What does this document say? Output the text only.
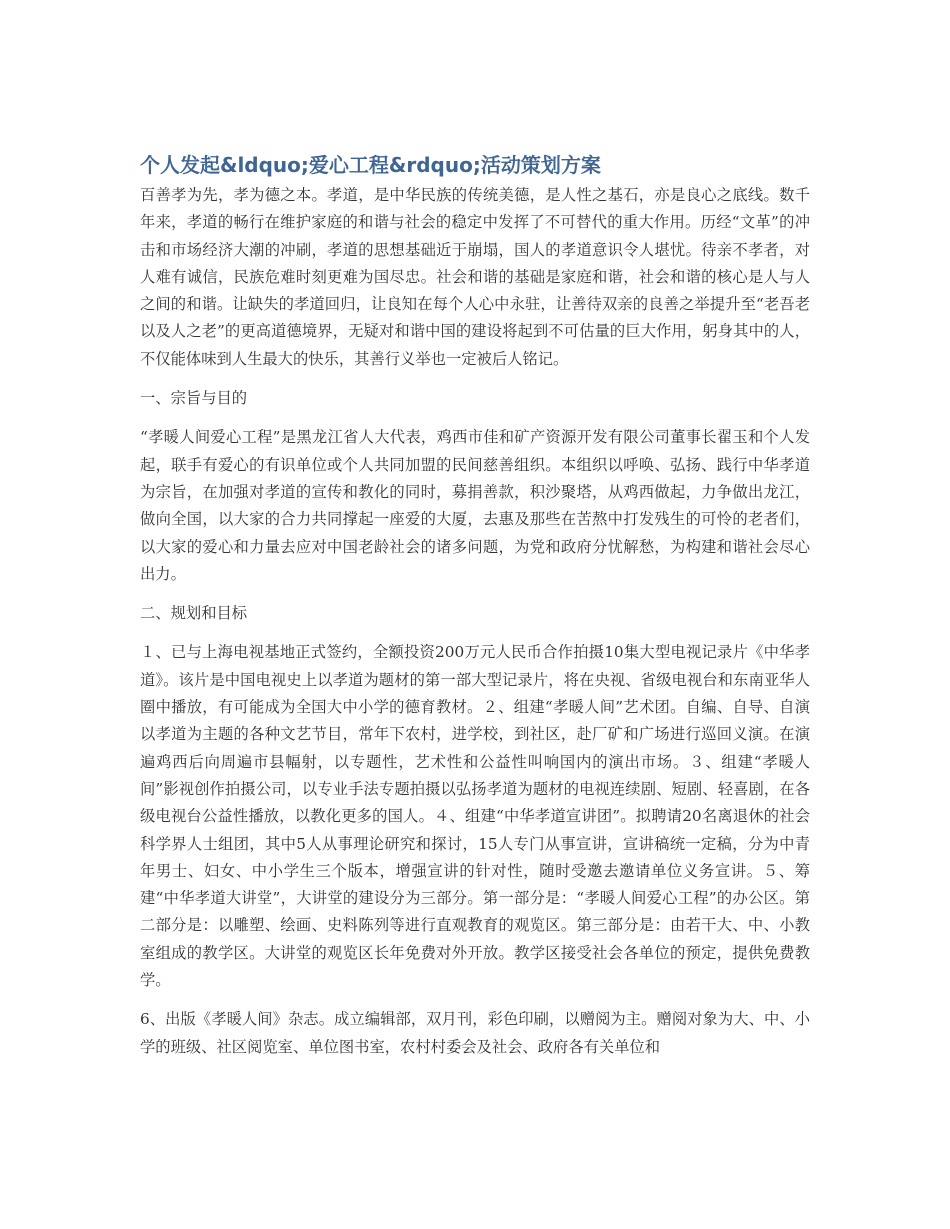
个人发起&ldquo;爱心工程&rdquo;活动策划方案

百善孝为先，孝为德之本。孝道，是中华民族的传统美德，是人性之基石，亦是良心之底线。数千年来，孝道的畅行在维护家庭的和谐与社会的稳定中发挥了不可替代的重大作用。历经“文革”的冲击和市场经济大潮的冲刷，孝道的思想基础近于崩塌，国人的孝道意识令人堪忧。待亲不孝者，对人难有诚信，民族危难时刻更难为国尽忠。社会和谐的基础是家庭和谐，社会和谐的核心是人与人之间的和谐。让缺失的孝道回归，让良知在每个人心中永驻，让善待双亲的良善之举提升至“老吾老以及人之老”的更高道德境界，无疑对和谐中国的建设将起到不可估量的巨大作用，躬身其中的人，不仅能体味到人生最大的快乐，其善行义举也一定被后人铭记。

一、宗旨与目的

“孝暖人间爱心工程”是黑龙江省人大代表，鸡西市佳和矿产资源开发有限公司董事长翟玉和个人发起，联手有爱心的有识单位或个人共同加盟的民间慈善组织。本组织以呼唤、弘扬、践行中华孝道为宗旨，在加强对孝道的宣传和教化的同时，募捐善款，积沙聚塔，从鸡西做起，力争做出龙江，做向全国，以大家的合力共同撑起一座爱的大厦，去惠及那些在苦熬中打发残生的可怜的老者们，以大家的爱心和力量去应对中国老龄社会的诸多问题，为党和政府分忧解愁，为构建和谐社会尽心出力。

二、规划和目标

１、已与上海电视基地正式签约，全额投资200万元人民币合作拍摄10集大型电视记录片《中华孝道》。该片是中国电视史上以孝道为题材的第一部大型记录片，将在央视、省级电视台和东南亚华人圈中播放，有可能成为全国大中小学的德育教材。２、组建“孝暖人间”艺术团。自编、自导、自演以孝道为主题的各种文艺节目，常年下农村，进学校，到社区，赴厂矿和广场进行巡回义演。在演遍鸡西后向周遍市县幅射，以专题性，艺术性和公益性叫响国内的演出市场。３、组建“孝暖人间”影视创作拍摄公司，以专业手法专题拍摄以弘扬孝道为题材的电视连续剧、短剧、轻喜剧，在各级电视台公益性播放，以教化更多的国人。４、组建“中华孝道宣讲团”。拟聘请20名离退休的社会科学界人士组团，其中5人从事理论研究和探讨，15人专门从事宣讲，宣讲稿统一定稿，分为中青年男士、妇女、中小学生三个版本，增强宣讲的针对性，随时受邀去邀请单位义务宣讲。５、筹建“中华孝道大讲堂”，大讲堂的建设分为三部分。第一部分是：“孝暖人间爱心工程”的办公区。第二部分是：以雕塑、绘画、史料陈列等进行直观教育的观览区。第三部分是：由若干大、中、小教室组成的教学区。大讲堂的观览区长年免费对外开放。教学区接受社会各单位的预定，提供免费教学。

6、出版《孝暖人间》杂志。成立编辑部，双月刊，彩色印刷，以赠阅为主。赠阅对象为大、中、小学的班级、社区阅览室、单位图书室，农村村委会及社会、政府各有关单位和
